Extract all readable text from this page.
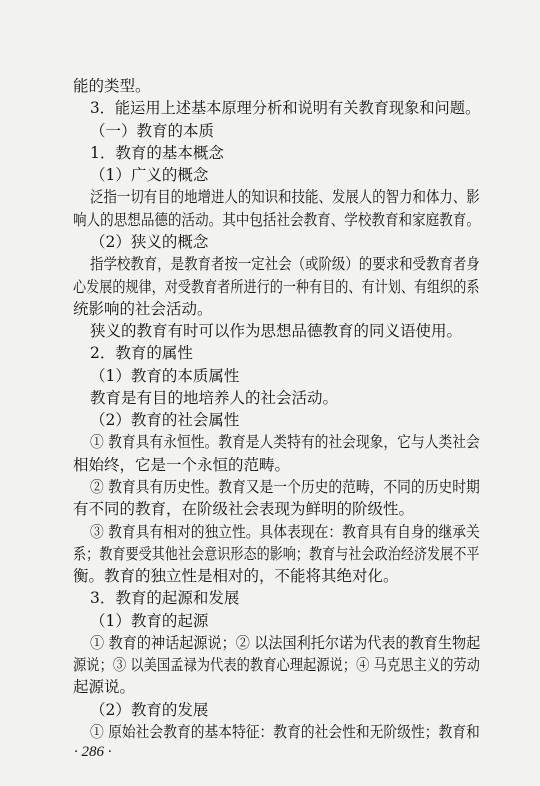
能的类型。
3．能运用上述基本原理分析和说明有关教育现象和问题。
（一）教育的本质
1．教育的基本概念
（1）广义的概念
泛指一切有目的地增进人的知识和技能、发展人的智力和体力、影
响人的思想品德的活动。其中包括社会教育、学校教育和家庭教育。
（2）狭义的概念
指学校教育，是教育者按一定社会（或阶级）的要求和受教育者身
心发展的规律，对受教育者所进行的一种有目的、有计划、有组织的系
统影响的社会活动。
狭义的教育有时可以作为思想品德教育的同义语使用。
2．教育的属性
（1）教育的本质属性
教育是有目的地培养人的社会活动。
（2）教育的社会属性
① 教育具有永恒性。教育是人类特有的社会现象，它与人类社会
相始终，它是一个永恒的范畴。
② 教育具有历史性。教育又是一个历史的范畴，不同的历史时期
有不同的教育，在阶级社会表现为鲜明的阶级性。
③ 教育具有相对的独立性。具体表现在：教育具有自身的继承关
系；教育要受其他社会意识形态的影响；教育与社会政治经济发展不平
衡。教育的独立性是相对的，不能将其绝对化。
3．教育的起源和发展
（1）教育的起源
① 教育的神话起源说；② 以法国利托尔诺为代表的教育生物起
源说；③ 以美国孟禄为代表的教育心理起源说；④ 马克思主义的劳动
起源说。
（2）教育的发展
① 原始社会教育的基本特征：教育的社会性和无阶级性；教育和
· 286 ·
